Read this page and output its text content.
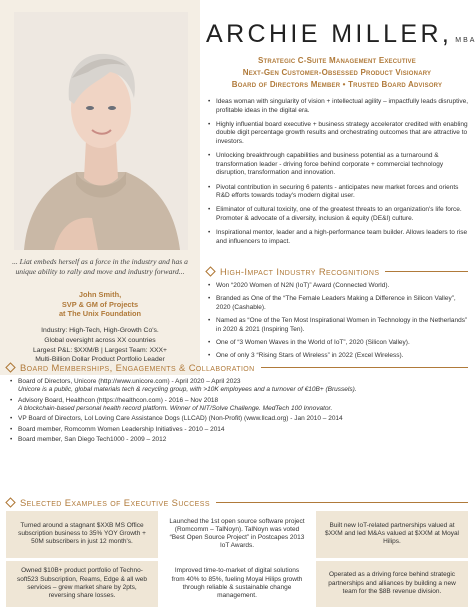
... Liat embeds herself as a force in the industry and has a unique ability to rally and move and industry forward...
John Smith,
SVP & GM of Projects
at The Unix Foundation
Industry: High-Tech, High-Growth Co's.
Global oversight across XX countries
Largest P&L: $XXM/B | Largest Team: XXX+
Multi-Billion Dollar Product Portfolio Leader
ARCHIE MILLER, MBA
Strategic C-Suite Management Executive
Next-Gen Customer-Obsessed Product Visionary
Board of Directors Member • Trusted Board Advisory
• Ideas woman with singularity of vision + intellectual agility – impactfully leads disruptive, profitable ideas in the digital era.
• Highly influential board executive + business strategy accelerator credited with enabling double digit percentage growth results and orchestrating outcomes that are attractive to investors.
• Unlocking breakthrough capabilities and business potential as a turnaround & transformation leader - driving force behind corporate + commercial technology disruption, transformation and innovation.
• Pivotal contribution in securing 6 patents - anticipates new market forces and orients R&D efforts towards today's modern digital user.
• Eliminator of cultural toxicity, one of the greatest threats to an organization's life force. Promoter & advocate of a diversity, inclusion & equity (DE&I) culture.
• Inspirational mentor, leader and a high-performance team builder. Allows leaders to rise and influencers to impact.
High-Impact Industry Recognitions
• Won “2020 Women of N2N (IoT)” Award (Connected World).
• Branded as One of the “The Female Leaders Making a Difference in Silicon Valley”, 2020 (Cashable).
• Named as “One of the Ten Most Inspirational Women in Technology in the Netherlands” in 2020 & 2021 (Inspiring Ten).
• One of “3 Women Waves in the World of IoT”, 2020 (Silicon Valley).
• One of only 3 “Rising Stars of Wireless” in 2022 (Excel Wireless).
Board Memberships, Engagements & Collaboration
• Board of Directors, Unicore (http://www.unicore.com) - April 2020 – April 2023
Unicore is a public, global materials tech & recycling group, with >10K employees and a turnover of €10B+ (Brussels).
• Advisory Board, Healthcon (https://healthcon.com) - 2016 – Nov 2018
A blockchain-based personal health record platform. Winner of NIT/Solve Challenge. MedTech 100 Innovator.
• VP Board of Directors, Lol Loving Care Assistance Dogs (LLCAD) (Non-Profit) (www.llcad.org) - Jan 2010 – 2014
• Board member, Romcomm Women Leadership Initiatives - 2010 – 2014
• Board member, San Diego Tech1000 - 2009 – 2012
Selected Examples of Executive Success
Turned around a stagnant $XXB MS Office subscription business to 35% YOY Growth + 50M subscribers in just 12 month's.
Launched the 1st open source software project (Romcomm – TalNoyn). TalNoyn was voted “Best Open Source Project” in Postcapes 2013 IoT Awards.
Built new IoT-related partnerships valued at $XXM and led M&As valued at $XXM at Moyal Hilips.
Owned $10B+ product portfolio of Techno-soft523 Subscription, Reams, Edge & all web services – grew market share by 2pts, reversing share losses.
Improved time-to-market of digital solutions from 40% to 85%, fueling Moyal Hilips growth through reliable & sustainable change management.
Operated as a driving force behind strategic partnerships and alliances by building a new team for the $8B revenue division.
